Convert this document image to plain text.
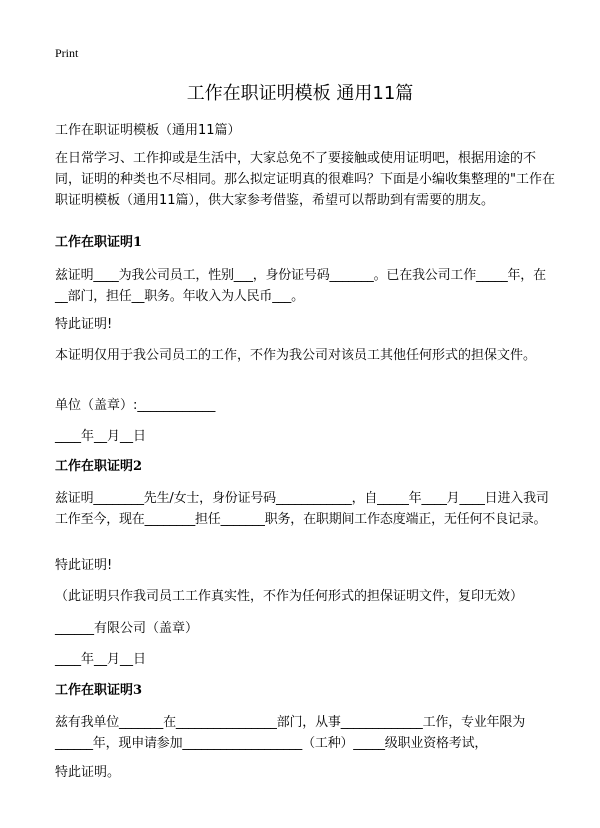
Print
工作在职证明模板 通用11篇

工作在职证明模板（通用11篇）

在日常学习、工作抑或是生活中，大家总免不了要接触或使用证明吧，根据用途的不同，证明的种类也不尽相同。那么拟定证明真的很难吗？下面是小编收集整理的"工作在职证明模板（通用11篇），供大家参考借鉴，希望可以帮助到有需要的朋友。

工作在职证明1

兹证明____为我公司员工，性别___，身份证号码_______。已在我公司工作_____年，在__部门，担任__职务。年收入为人民币___。

特此证明!

本证明仅用于我公司员工的工作，不作为我公司对该员工其他任何形式的担保文件。

单位（盖章）:____________

____年__月__日

工作在职证明2

兹证明________先生/女士，身份证号码____________，自_____年____月____日进入我司工作至今，现在________担任_______职务，在职期间工作态度端正，无任何不良记录。

特此证明!

（此证明只作我司员工工作真实性，不作为任何形式的担保证明文件，复印无效）

______有限公司（盖章）

____年__月__日

工作在职证明3

兹有我单位_______在________________部门，从事_____________工作，专业年限为______年，现申请参加___________________（工种）_____级职业资格考试，

特此证明。
